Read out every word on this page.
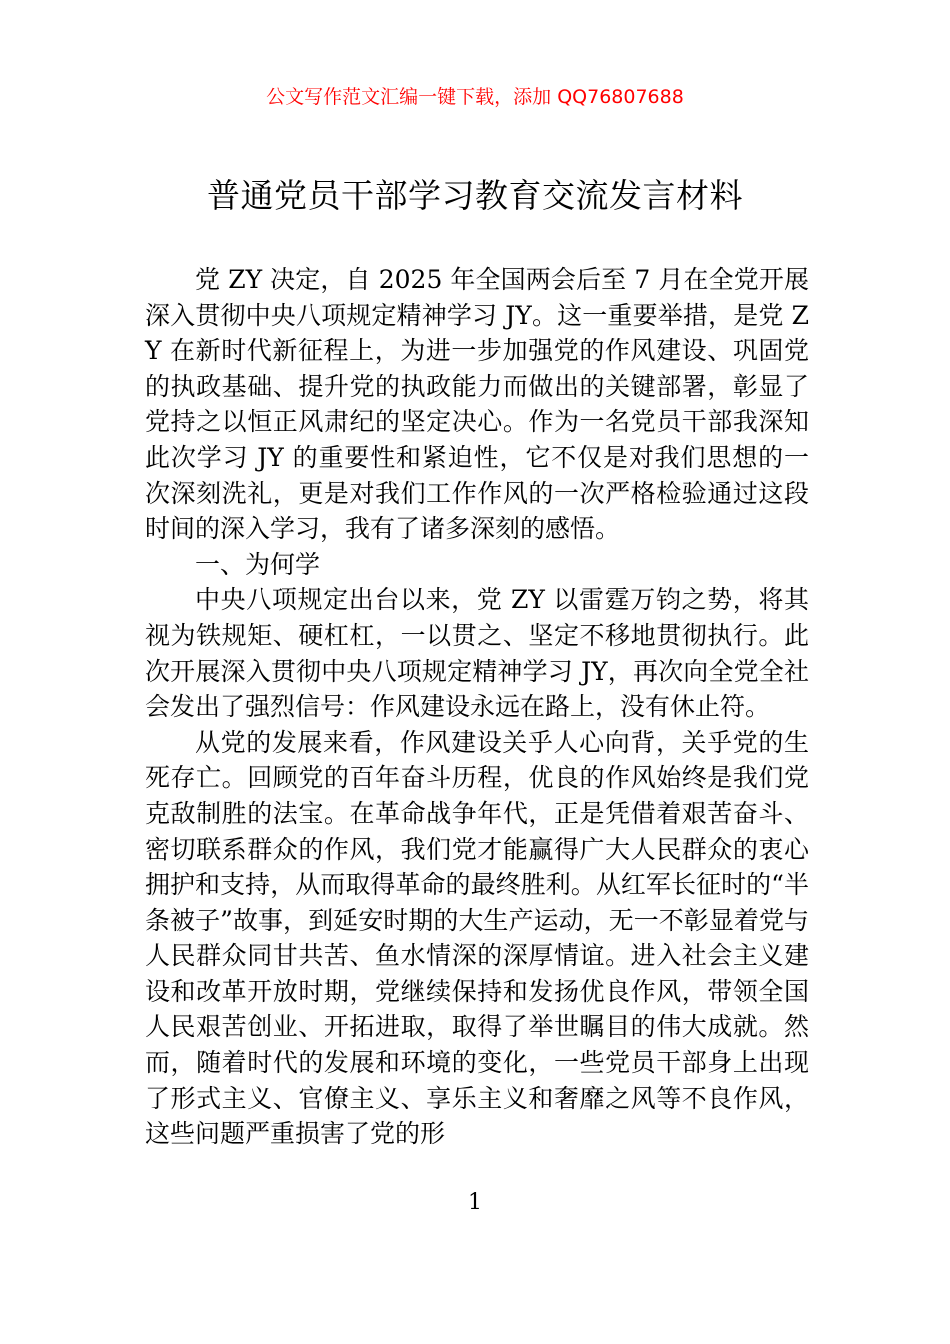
公文写作范文汇编一键下载，添加 QQ76807688
普通党员干部学习教育交流发言材料

党 ZY 决定，自 2025 年全国两会后至 7 月在全党开展深入贯彻中央八项规定精神学习 JY。这一重要举措，是党 ZY 在新时代新征程上，为进一步加强党的作风建设、巩固党的执政基础、提升党的执政能力而做出的关键部署，彰显了党持之以恒正风肃纪的坚定决心。作为一名党员干部我深知此次学习 JY 的重要性和紧迫性，它不仅是对我们思想的一次深刻洗礼，更是对我们工作作风的一次严格检验通过这段时间的深入学习，我有了诸多深刻的感悟。

一、为何学

中央八项规定出台以来，党 ZY 以雷霆万钧之势，将其视为铁规矩、硬杠杠，一以贯之、坚定不移地贯彻执行。此次开展深入贯彻中央八项规定精神学习 JY，再次向全党全社会发出了强烈信号：作风建设永远在路上，没有休止符。

从党的发展来看，作风建设关乎人心向背，关乎党的生死存亡。回顾党的百年奋斗历程，优良的作风始终是我们党克敌制胜的法宝。在革命战争年代，正是凭借着艰苦奋斗、密切联系群众的作风，我们党才能赢得广大人民群众的衷心拥护和支持，从而取得革命的最终胜利。从红军长征时的“半条被子”故事，到延安时期的大生产运动，无一不彰显着党与人民群众同甘共苦、鱼水情深的深厚情谊。进入社会主义建设和改革开放时期，党继续保持和发扬优良作风，带领全国人民艰苦创业、开拓进取，取得了举世瞩目的伟大成就。然而，随着时代的发展和环境的变化，一些党员干部身上出现了形式主义、官僚主义、享乐主义和奢靡之风等不良作风，这些问题严重损害了党的形

1
